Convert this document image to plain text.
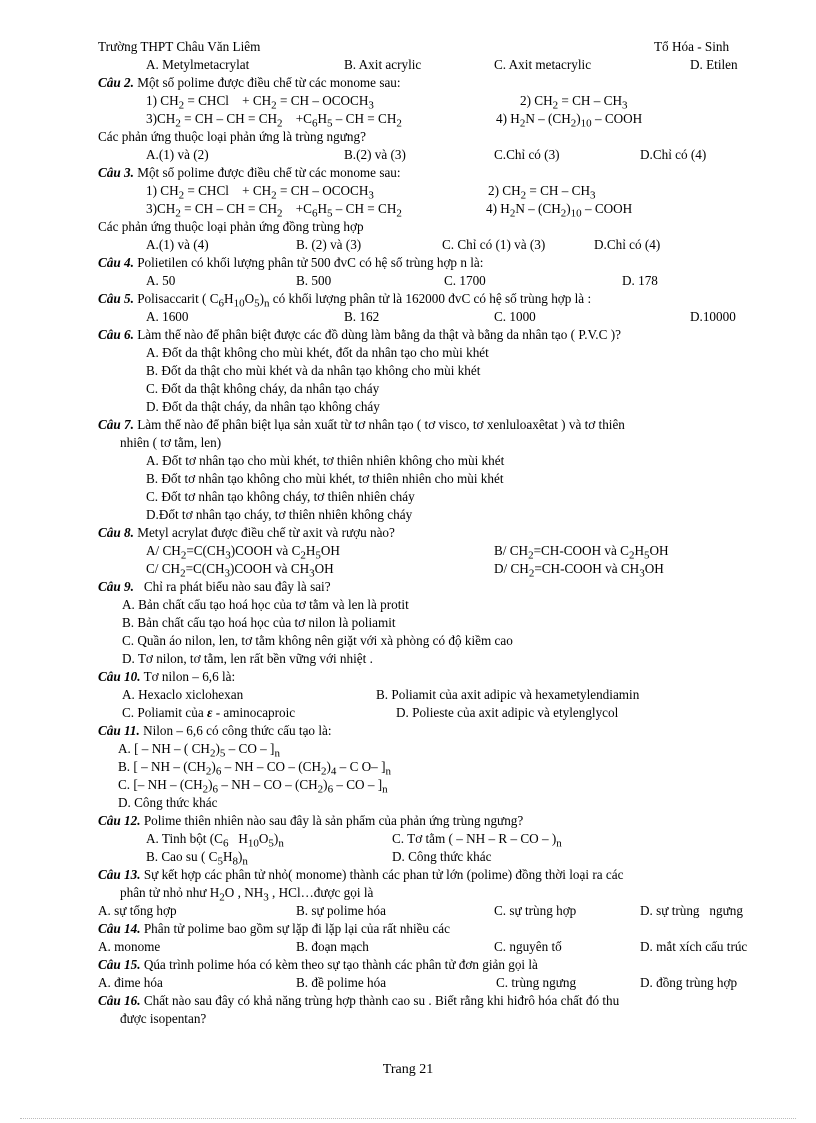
Trường THPT Châu Văn Liêm	Tổ Hóa - Sinh
A. Metylmetacrylat	B. Axit acrylic	C. Axit metacrylic	D. Etilen
Câu 2. Một số polime được điều chế từ các monome sau:
1) $CH_2$ = CHCl    + $CH_2$ = CH – $OCOCH_3$	2) $CH_2$ = CH – $CH_3$
$3)CH_2$ = CH – CH = $CH_2$    $+C_6H_5$ – CH = $CH_2$	4) $H_2N - (CH_2)_{10}$ – COOH
Các phản ứng thuộc loại phản ứng là trùng ngưng?
A.(1) và (2)	B.(2) và (3)	C.Chỉ có (3)	D.Chỉ có (4)
Câu 3. Một số polime được điều chế từ các monome sau:
1) $CH_2$ = CHCl    + $CH_2$ = CH – $OCOCH_3$	2) $CH_2$ = CH – $CH_3$
$3)CH_2$ = CH – CH = $CH_2$    $+C_6H_5$ – CH = $CH_2$	4) $H_2N - (CH_2)_{10}$ – COOH
Các phản ứng thuộc loại phản ứng đồng trùng hợp
A.(1) và (4)	B. (2) và (3)	C. Chỉ có (1) và (3)	D.Chỉ có (4)
Câu 4. Polietilen có khối lượng phân tử 500 đvC có hệ số trùng hợp n là:
A. 50	B. 500	C. 1700	D. 178
Câu 5. Polisaccarit ( $C_6H_{10}O_5)_n$ có khối lượng phân tử là 162000 đvC có hệ số trùng hợp là :
A. 1600	B. 162	C. 1000	D.10000
Câu 6. Làm thế nào để phân biệt được các đồ dùng làm bằng da thật và bằng da nhân tạo ( P.V.C )?
A. Đốt da thật không cho mùi khét, đốt da nhân tạo cho mùi khét
B. Đốt da thật cho mùi khét và da nhân tạo không cho mùi khét
C. Đốt da thật không cháy, da nhân tạo cháy
D. Đốt da thật cháy, da nhân tạo không cháy
Câu 7. Làm thế nào để phân biệt lụa sản xuất từ tơ nhân tạo ( tơ visco, tơ xenluloaxêtat ) và tơ thiên
nhiên ( tơ tằm, len)
A. Đốt tơ nhân tạo cho mùi khét, tơ thiên nhiên không cho mùi khét
B. Đốt tơ nhân tạo không cho mùi khét, tơ thiên nhiên cho mùi khét
C. Đốt tơ nhân tạo không cháy, tơ thiên nhiên cháy
D.Đốt tơ nhân tạo cháy, tơ thiên nhiên không cháy
Câu 8. Metyl acrylat được điều chế từ axit và rượu nào?
A/ $CH_2=C(CH_3)COOH$ và $C_2H_5OH$	B/ $CH_2=CH$-COOH và $C_2H_5OH$
C/ $CH_2=C(CH_3)COOH$ và $CH_3OH$	D/ $CH_2=CH$-COOH và $CH_3OH$
Câu 9.   Chỉ ra phát biểu nào sau đây là sai?
A. Bản chất cấu tạo hoá học của tơ tằm và len là protit
B. Bản chất cấu tạo hoá học của tơ nilon là poliamit
C. Quần áo nilon, len, tơ tằm không nên giặt với xà phòng có độ kiềm cao
D. Tơ nilon, tơ tằm, len rất bền vững với nhiệt .
Câu 10. Tơ nilon – 6,6 là:
A. Hexaclo xiclohexan	B. Poliamit của axit adipic và hexametylendiamin
C. Poliamit của ε - aminocaproic	D. Polieste của axit adipic và etylenglycol
Câu 11. Nilon – 6,6 có công thức cấu tạo là:
A. [ – NH – ( $CH_2)_5$ – CO – ]$_n$
B. [ – NH – $(CH_2)_6$ – NH – CO – $(CH_2)_4$ – C O– ]$_n$
C. [– NH – $(CH_2)_6$ – NH – CO – $(CH_2)_6$ – CO – ]$_n$
D. Công thức khác
Câu 12. Polime thiên nhiên nào sau đây là sản phẩm của phản ứng trùng ngưng?
A. Tinh bột ($C_6$   $H_{10}O_5)_n$	C. Tơ tằm ( – NH – R – CO – )$_n$
B. Cao su ( $C_5H_8)_n$	D. Công thức khác
Câu 13. Sự kết hợp các phân tử nhỏ( monome) thành các phan tử lớn (polime) đồng thời loại ra các
phân tử nhỏ như $H_2O$ , $NH_3$ , HCl…được gọi là
A. sự tổng hợp	B. sự polime hóa	C. sự trùng hợp	D. sự trùng   ngưng
Câu 14. Phân tử polime bao gồm sự lặp đi lặp lại của rất nhiều các
A. monome	B. đoạn mạch	C. nguyên tố	D. mắt xích cấu trúc
Câu 15. Qúa trình polime hóa có kèm theo sự tạo thành các phân tử đơn giản gọi là
A. đime hóa	B. đề polime hóa	C. trùng ngưng	D. đồng trùng hợp
Câu 16. Chất nào sau đây có khả năng trùng hợp thành cao su . Biết rằng khi hiđrô hóa chất đó thu
được isopentan?
Trang 21
